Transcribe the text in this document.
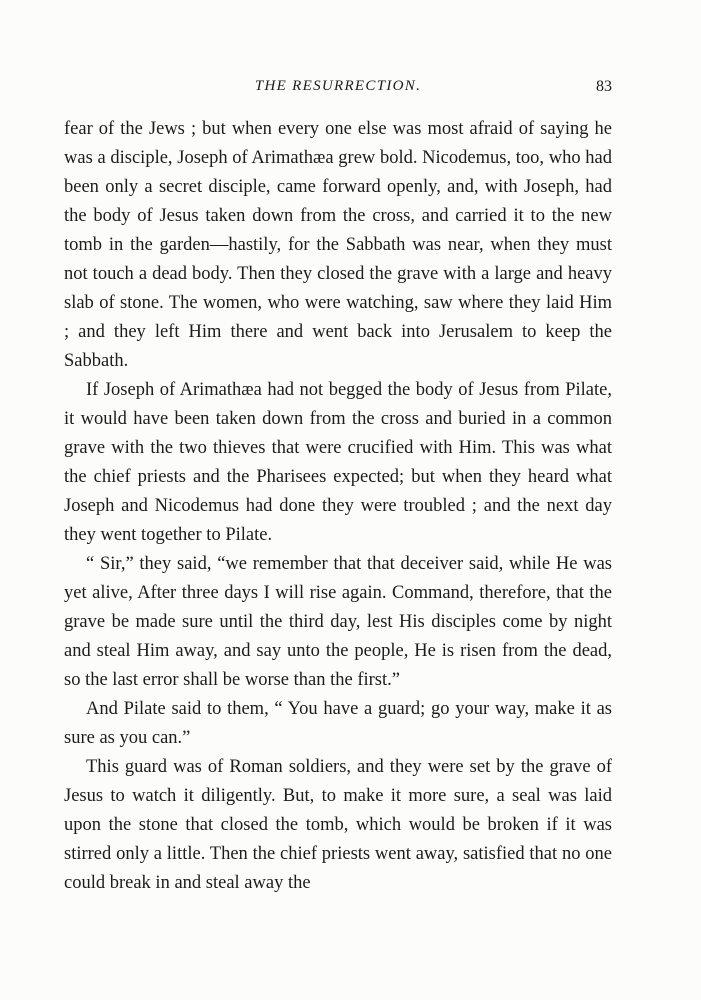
THE RESURRECTION.	83

fear of the Jews ; but when every one else was most afraid of saying he was a disciple, Joseph of Arimathæa grew bold. Nicodemus, too, who had been only a secret disciple, came forward openly, and, with Joseph, had the body of Jesus taken down from the cross, and carried it to the new tomb in the garden—hastily, for the Sabbath was near, when they must not touch a dead body. Then they closed the grave with a large and heavy slab of stone. The women, who were watching, saw where they laid Him ; and they left Him there and went back into Jerusalem to keep the Sabbath.

If Joseph of Arimathæa had not begged the body of Jesus from Pilate, it would have been taken down from the cross and buried in a common grave with the two thieves that were crucified with Him. This was what the chief priests and the Pharisees expected; but when they heard what Joseph and Nicodemus had done they were troubled ; and the next day they went together to Pilate.

“ Sir,” they said, “we remember that that deceiver said, while He was yet alive, After three days I will rise again. Command, therefore, that the grave be made sure until the third day, lest His disciples come by night and steal Him away, and say unto the people, He is risen from the dead, so the last error shall be worse than the first.”

And Pilate said to them, “ You have a guard; go your way, make it as sure as you can.”

This guard was of Roman soldiers, and they were set by the grave of Jesus to watch it diligently. But, to make it more sure, a seal was laid upon the stone that closed the tomb, which would be broken if it was stirred only a little. Then the chief priests went away, satisfied that no one could break in and steal away the
